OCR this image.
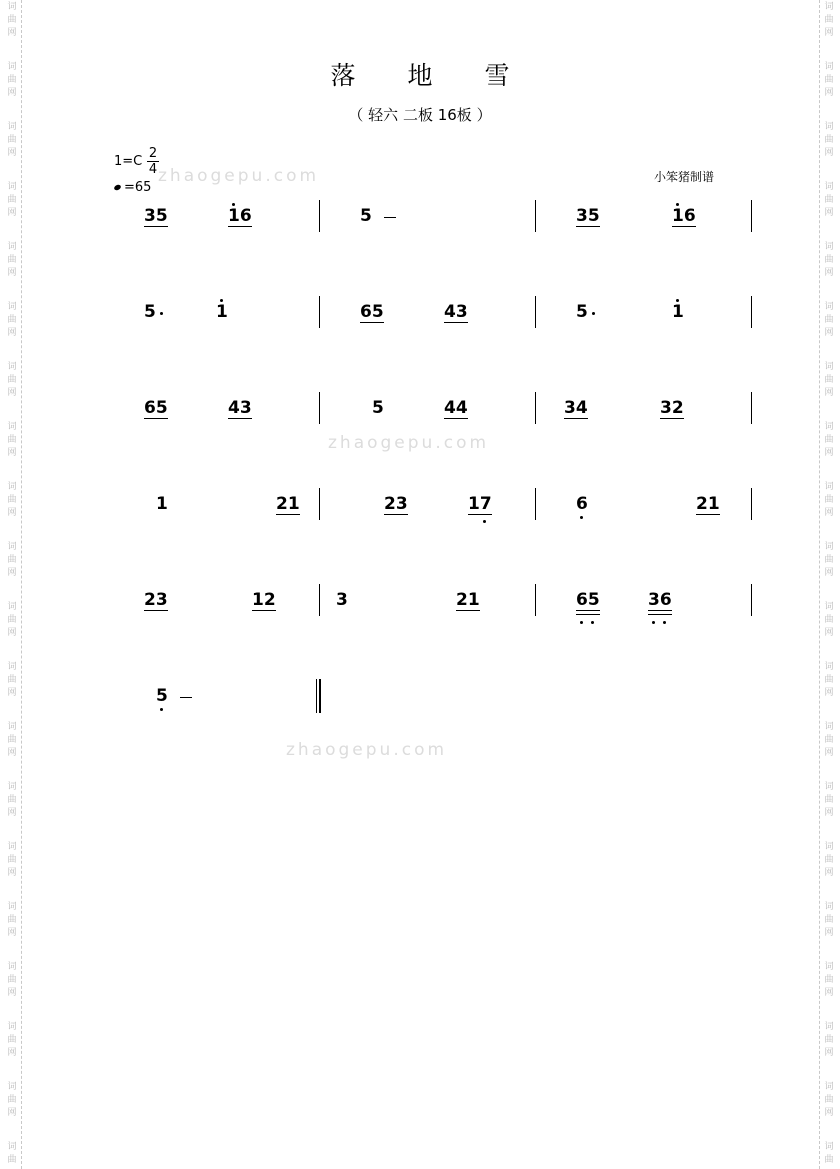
词
曲
网
词
曲
网
词
曲
网
词
曲
网
词
曲
网
词
曲
网
词
曲
网
词
曲
网
词
曲
网
词
曲
网
词
曲
网
词
曲
网
词
曲
网
词
曲
网
词
曲
网
词
曲
网
词
曲
网
词
曲
网
词
曲
网
词
曲
词
曲
网
词
曲
网
词
曲
网
词
曲
网
词
曲
网
词
曲
网
词
曲
网
词
曲
网
词
曲
网
词
曲
网
词
曲
网
词
曲
网
词
曲
网
词
曲
网
词
曲
网
词
曲
网
词
曲
网
词
曲
网
词
曲
网
词
曲
落 地 雪
（ 轻六 二板 16板 ）
$1=C \frac{2}{4}$
=65
小笨猪制谱
zhaogepu.com
zhaogepu.com
zhaogepu.com
35	16	5	35	16
5	1	65	43	5	1
65	43	5	44	34	32
1	21	23	17	6	21
23	12	3	21	65	36
5
